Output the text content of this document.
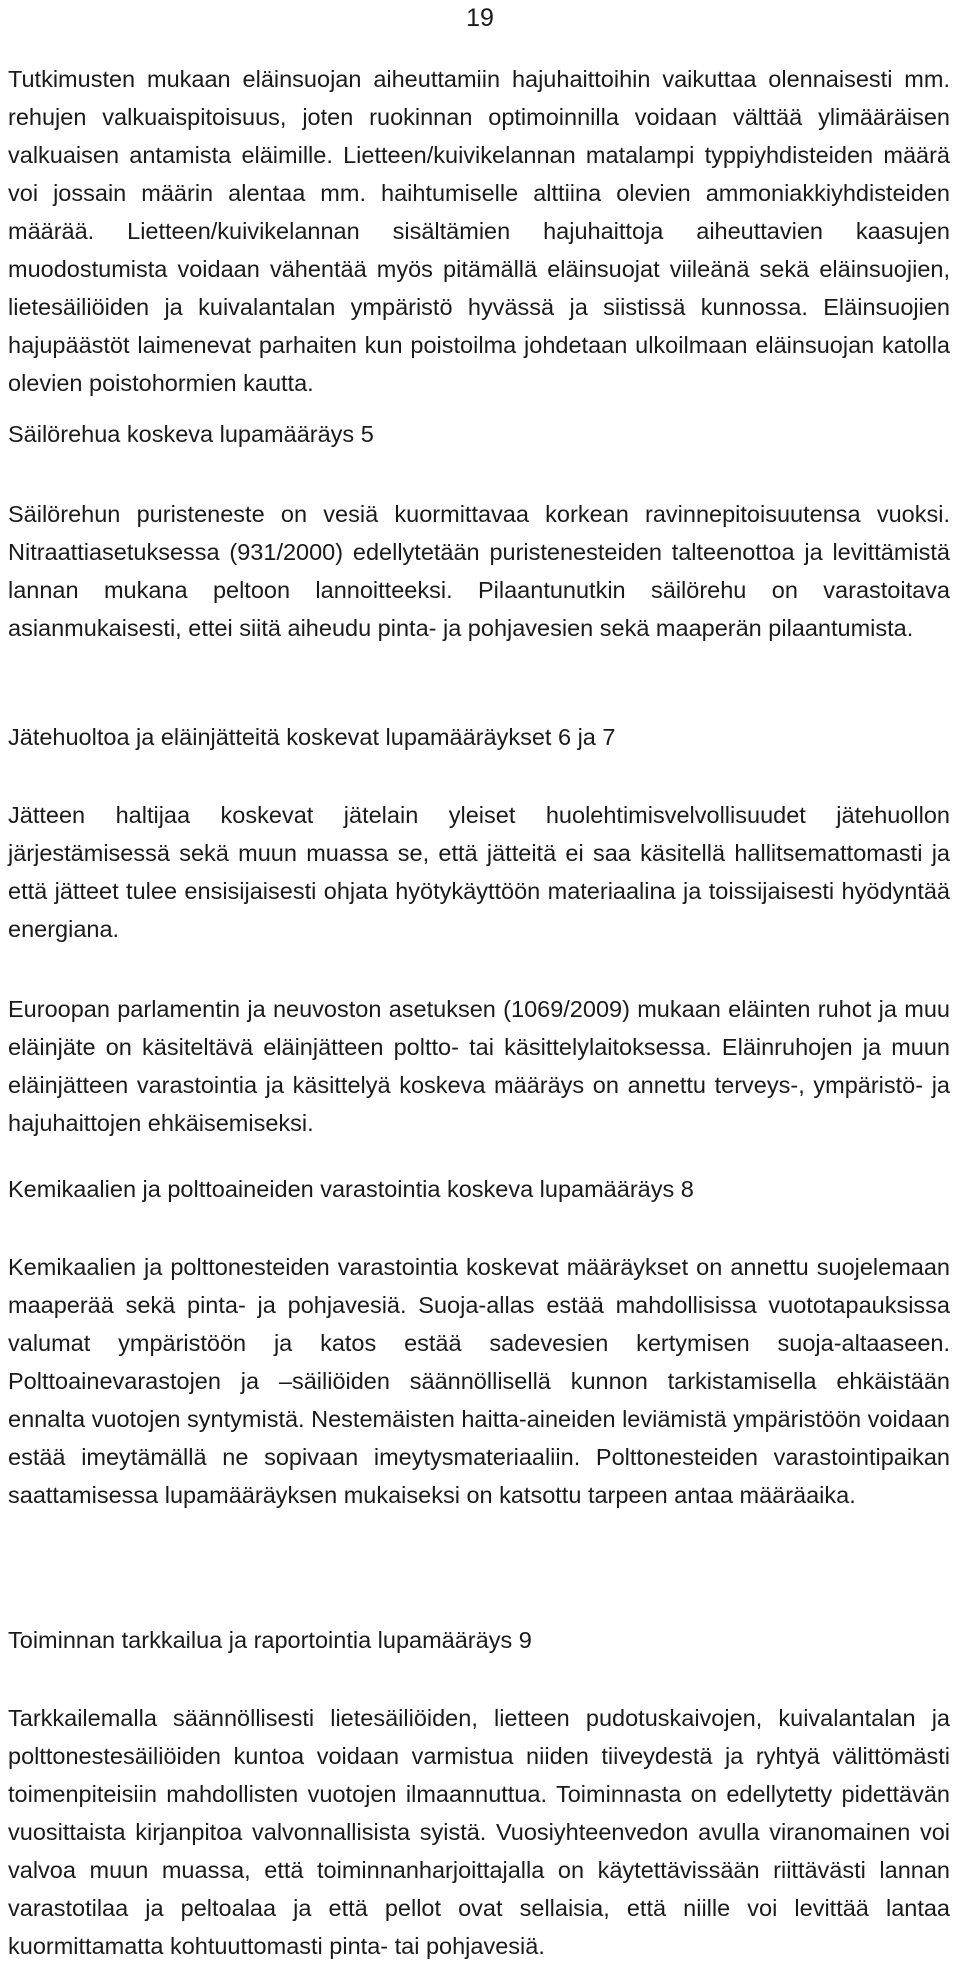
19

Tutkimusten mukaan eläinsuojan aiheuttamiin hajuhaittoihin vaikuttaa olennaisesti mm. rehujen valkuaispitoisuus, joten ruokinnan optimoinnilla voidaan välttää ylimääräisen valkuaisen antamista eläimille. Lietteen/kuivikelannan matalampi typpiyhdisteiden määrä voi jossain määrin alentaa mm. haihtumiselle alttiina olevien ammoniakkiyhdisteiden määrää. Lietteen/kuivikelannan sisältämien hajuhaittoja aiheuttavien kaasujen muodostumista voidaan vähentää myös pitämällä eläinsuojat viileänä sekä eläinsuojien, lietesäiliöiden ja kuivalantalan ympäristö hyvässä ja siistissä kunnossa. Eläinsuojien hajupäästöt laimenevat parhaiten kun poistoilma johdetaan ulkoilmaan eläinsuojan katolla olevien poistohormien kautta.

Säilörehua koskeva lupamääräys 5

Säilörehun puristeneste on vesiä kuormittavaa korkean ravinnepitoisuutensa vuoksi. Nitraattiasetuksessa (931/2000) edellytetään puristenesteiden talteenottoa ja levittämistä lannan mukana peltoon lannoitteeksi. Pilaantunutkin säilörehu on varastoitava asianmukaisesti, ettei siitä aiheudu pinta- ja pohjavesien sekä maaperän pilaantumista.

Jätehuoltoa ja eläinjätteitä koskevat lupamääräykset 6 ja 7

Jätteen haltijaa koskevat jätelain yleiset huolehtimisvelvollisuudet jätehuollon järjestämisessä sekä muun muassa se, että jätteitä ei saa käsitellä hallitsemattomasti ja että jätteet tulee ensisijaisesti ohjata hyötykäyttöön materiaalina ja toissijaisesti hyödyntää energiana.

Euroopan parlamentin ja neuvoston asetuksen (1069/2009) mukaan eläinten ruhot ja muu eläinjäte on käsiteltävä eläinjätteen poltto- tai käsittelylaitoksessa. Eläinruhojen ja muun eläinjätteen varastointia ja käsittelyä koskeva määräys on annettu terveys-, ympäristö- ja hajuhaittojen ehkäisemiseksi.

Kemikaalien ja polttoaineiden varastointia koskeva lupamääräys 8

Kemikaalien ja polttonesteiden varastointia koskevat määräykset on annettu suojelemaan maaperää sekä pinta- ja pohjavesiä. Suoja-allas estää mahdollisissa vuototapauksissa valumat ympäristöön ja katos estää sadevesien kertymisen suoja-altaaseen. Polttoainevarastojen ja –säiliöiden säännöllisellä kunnon tarkistamisella ehkäistään ennalta vuotojen syntymistä. Nestemäisten haitta-aineiden leviämistä ympäristöön voidaan estää imeytämällä ne sopivaan imeytysmateriaaliin. Polttonesteiden varastointipaikan saattamisessa lupamääräyksen mukaiseksi on katsottu tarpeen antaa määräaika.

Toiminnan tarkkailua ja raportointia lupamääräys 9

Tarkkailemalla säännöllisesti lietesäiliöiden, lietteen pudotuskaivojen, kuivalantalan ja polttonestesäiliöiden kuntoa voidaan varmistua niiden tiiveydestä ja ryhtyä välittömästi toimenpiteisiin mahdollisten vuotojen ilmaannuttua. Toiminnasta on edellytetty pidettävän vuosittaista kirjanpitoa valvonnallisista syistä. Vuosiyhteenvedon avulla viranomainen voi valvoa muun muassa, että toiminnanharjoittajalla on käytettävissään riittävästi lannan varastotilaa ja peltoalaa ja että pellot ovat sellaisia, että niille voi levittää lantaa kuormittamatta kohtuuttomasti pinta- tai pohjavesiä.
